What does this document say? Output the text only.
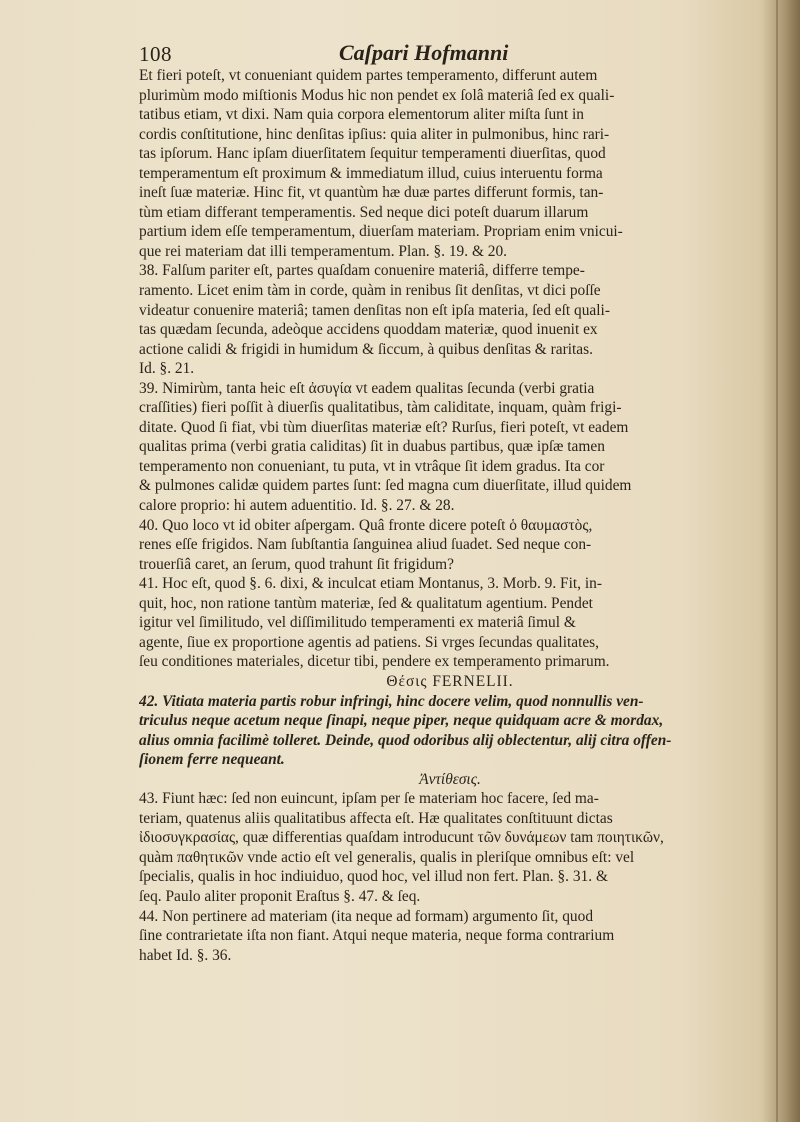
108	Caſpari Hofmanni
Et fieri poteſt, vt conueniant quidem partes temperamento, differunt autem
plurimùm modo miſtionis Modus hic non pendet ex ſolâ materiâ ſed ex quali-
tatibus etiam, vt dixi. Nam quia corpora elementorum aliter miſta ſunt in
cordis conſtitutione, hinc denſitas ipſius: quia aliter in pulmonibus, hinc rari-
tas ipſorum. Hanc ipſam diuerſitatem ſequitur temperamenti diuerſitas, quod
temperamentum eſt proximum & immediatum illud, cuius interuentu forma
ineſt ſuæ materiæ. Hinc fit, vt quantùm hæ duæ partes differunt formis, tan-
tùm etiam differant temperamentis. Sed neque dici poteſt duarum illarum
partium idem eſſe temperamentum, diuerſam materiam. Propriam enim vnicui-
que rei materiam dat illi temperamentum. Plan. §. 19. & 20.
38. Falſum pariter eſt, partes quaſdam conuenire materiâ, differre tempe-
ramento. Licet enim tàm in corde, quàm in renibus ſit denſitas, vt dici poſſe
videatur conuenire materiâ; tamen denſitas non eſt ipſa materia, ſed eſt quali-
tas quædam ſecunda, adeòque accidens quoddam materiæ, quod inuenit ex
actione calidi & frigidi in humidum & ſiccum, à quibus denſitas & raritas.
Id. §. 21.
39. Nimirùm, tanta heic eſt ἀσυγία vt eadem qualitas ſecunda (verbi gratia
craſſities) fieri poſſit à diuerſis qualitatibus, tàm caliditate, inquam, quàm frigi-
ditate. Quod ſi fiat, vbi tùm diuerſitas materiæ eſt? Rurſus, fieri poteſt, vt eadem
qualitas prima (verbi gratia caliditas) ſit in duabus partibus, quæ ipſæ tamen
temperamento non conueniant, tu puta, vt in vtrâque ſit idem gradus. Ita cor
& pulmones calidæ quidem partes ſunt: ſed magna cum diuerſitate, illud quidem
calore proprio: hi autem aduentitio. Id. §. 27. & 28.
40. Quo loco vt id obiter aſpergam. Quâ fronte dicere poteſt ὁ θαυμαστὸς,
renes eſſe frigidos. Nam ſubſtantia ſanguinea aliud ſuadet. Sed neque con-
trouerſiâ caret, an ſerum, quod trahunt ſit frigidum?
41. Hoc eſt, quod §. 6. dixi, & inculcat etiam Montanus, 3. Morb. 9. Fit, in-
quit, hoc, non ratione tantùm materiæ, ſed & qualitatum agentium. Pendet
igitur vel ſimilitudo, vel diſſimilitudo temperamenti ex materiâ ſimul &
agente, ſiue ex proportione agentis ad patiens. Si vrges ſecundas qualitates,
ſeu conditiones materiales, dicetur tibi, pendere ex temperamento primarum.
Θέσις FERNELII.
42. Vitiata materia partis robur infringi, hinc docere velim, quod nonnullis ven-
triculus neque acetum neque ſinapi, neque piper, neque quidquam acre & mordax,
alius omnia facilimè tolleret. Deinde, quod odoribus alij oblectentur, alij citra offen-
ſionem ferre nequeant.
Ἀντίθεσις.
43. Fiunt hæc: ſed non euincunt, ipſam per ſe materiam hoc facere, ſed ma-
teriam, quatenus aliis qualitatibus affecta eſt. Hæ qualitates conſtituunt dictas
ἰδιοσυγκρασίας, quæ differentias quaſdam introducunt τῶν δυνάμεων tam ποιητικῶν,
quàm παθητικῶν vnde actio eſt vel generalis, qualis in pleriſque omnibus eſt: vel
ſpecialis, qualis in hoc indiuiduo, quod hoc, vel illud non fert. Plan. §. 31. &
ſeq. Paulo aliter proponit Eraſtus §. 47. & ſeq.
44. Non pertinere ad materiam (ita neque ad formam) argumento ſit, quod
ſine contrarietate iſta non fiant. Atqui neque materia, neque forma contrarium
habet Id. §. 36.
